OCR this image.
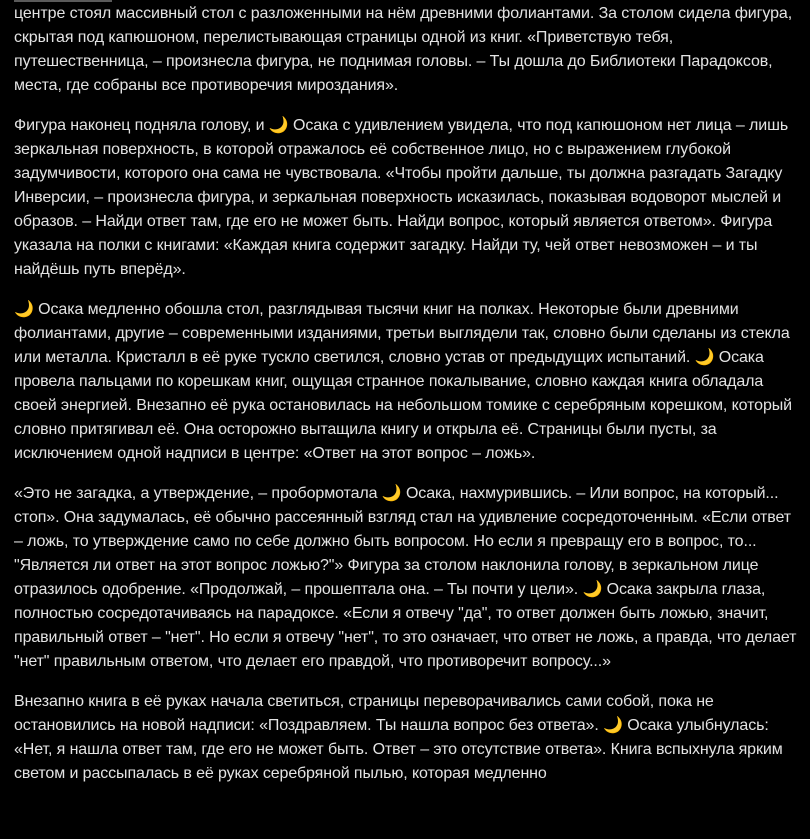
центре стоял массивный стол с разложенными на нём древними фолиантами. За столом сидела фигура, скрытая под капюшоном, перелистывающая страницы одной из книг. «Приветствую тебя, путешественница, – произнесла фигура, не поднимая головы. – Ты дошла до Библиотеки Парадоксов, места, где собраны все противоречия мироздания».

Фигура наконец подняла голову, и 🌙 Осака с удивлением увидела, что под капюшоном нет лица – лишь зеркальная поверхность, в которой отражалось её собственное лицо, но с выражением глубокой задумчивости, которого она сама не чувствовала. «Чтобы пройти дальше, ты должна разгадать Загадку Инверсии, – произнесла фигура, и зеркальная поверхность исказилась, показывая водоворот мыслей и образов. – Найди ответ там, где его не может быть. Найди вопрос, который является ответом». Фигура указала на полки с книгами: «Каждая книга содержит загадку. Найди ту, чей ответ невозможен – и ты найдёшь путь вперёд».

🌙 Осака медленно обошла стол, разглядывая тысячи книг на полках. Некоторые были древними фолиантами, другие – современными изданиями, третьи выглядели так, словно были сделаны из стекла или металла. Кристалл в её руке тускло светился, словно устав от предыдущих испытаний. 🌙 Осака провела пальцами по корешкам книг, ощущая странное покалывание, словно каждая книга обладала своей энергией. Внезапно её рука остановилась на небольшом томике с серебряным корешком, который словно притягивал её. Она осторожно вытащила книгу и открыла её. Страницы были пусты, за исключением одной надписи в центре: «Ответ на этот вопрос – ложь».

«Это не загадка, а утверждение, – пробормотала 🌙 Осака, нахмурившись. – Или вопрос, на который... стоп». Она задумалась, её обычно рассеянный взгляд стал на удивление сосредоточенным. «Если ответ – ложь, то утверждение само по себе должно быть вопросом. Но если я превращу его в вопрос, то... "Является ли ответ на этот вопрос ложью?"» Фигура за столом наклонила голову, в зеркальном лице отразилось одобрение. «Продолжай, – прошептала она. – Ты почти у цели». 🌙 Осака закрыла глаза, полностью сосредотачиваясь на парадоксе. «Если я отвечу "да", то ответ должен быть ложью, значит, правильный ответ – "нет". Но если я отвечу "нет", то это означает, что ответ не ложь, а правда, что делает "нет" правильным ответом, что делает его правдой, что противоречит вопросу...»

Внезапно книга в её руках начала светиться, страницы переворачивались сами собой, пока не остановились на новой надписи: «Поздравляем. Ты нашла вопрос без ответа». 🌙 Осака улыбнулась: «Нет, я нашла ответ там, где его не может быть. Ответ – это отсутствие ответа». Книга вспыхнула ярким светом и рассыпалась в её руках серебряной пылью, которая медленно
